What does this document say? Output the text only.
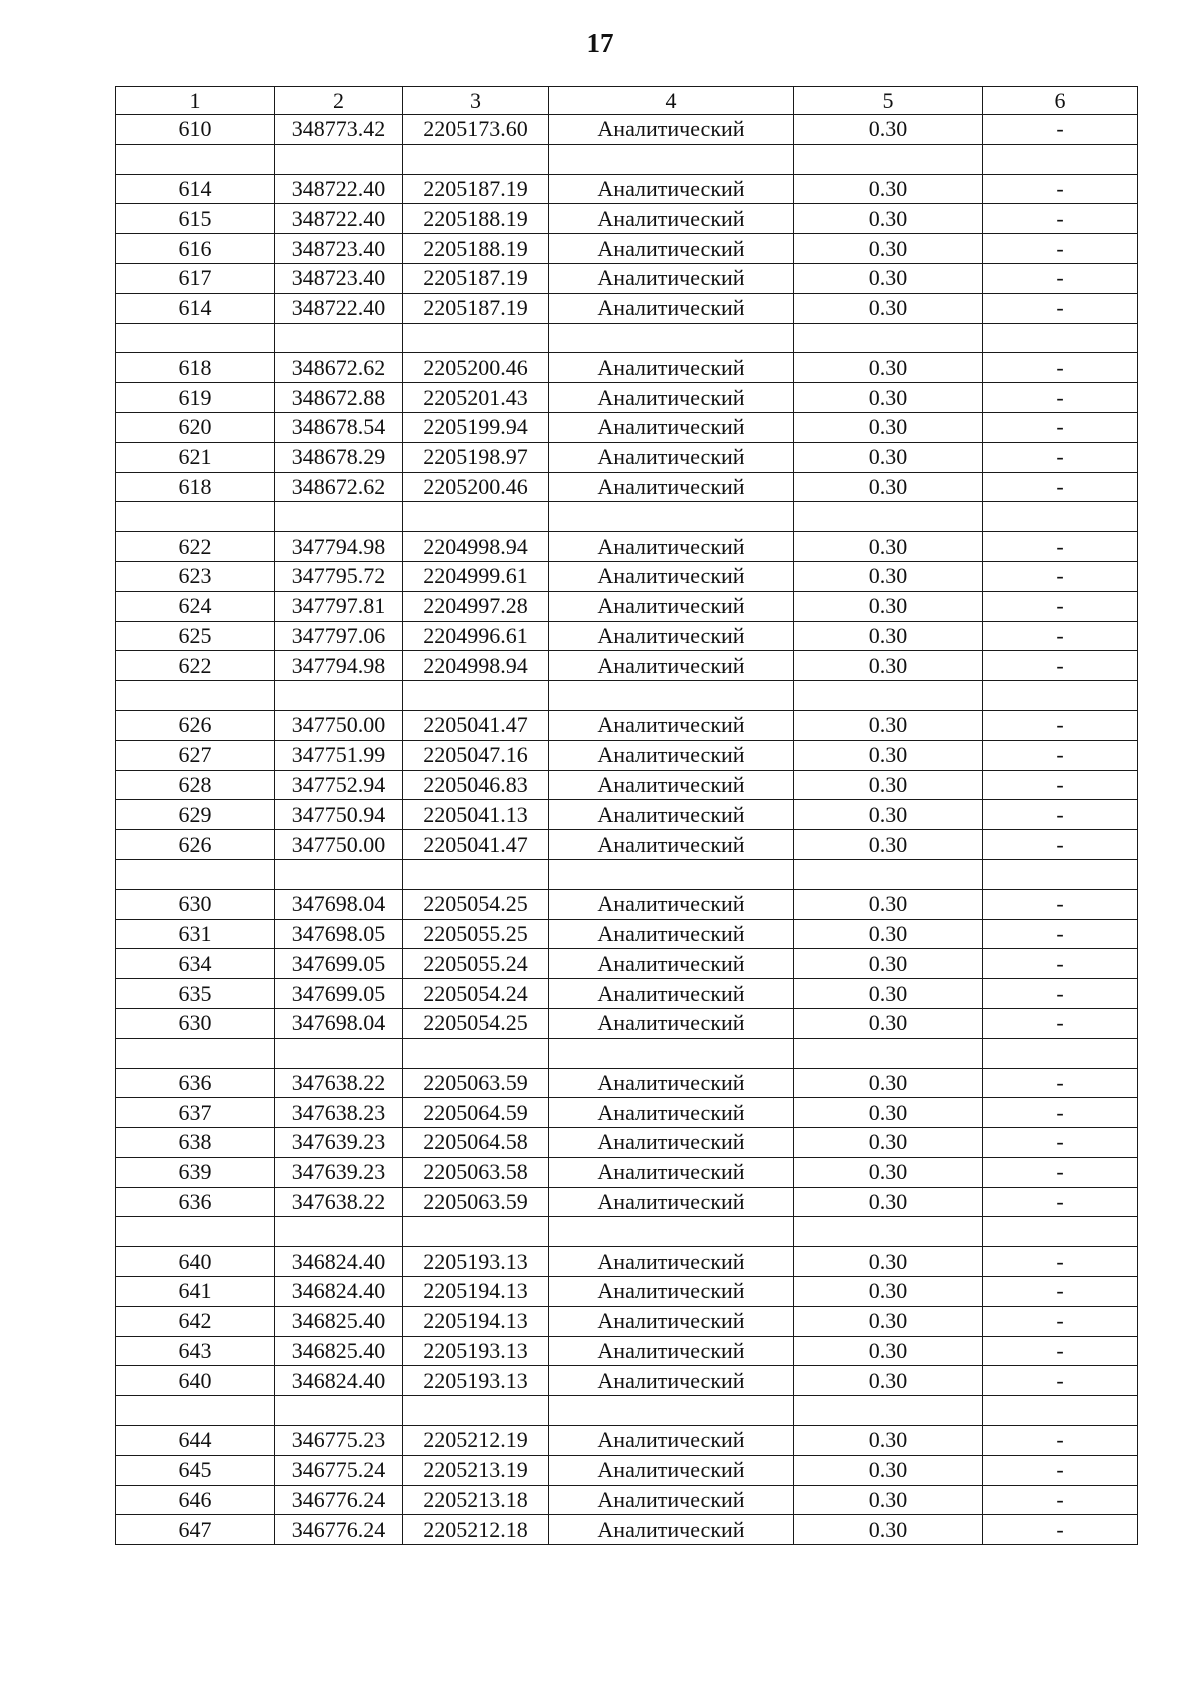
17
1	2	3	4	5	6
610	348773.42	2205173.60	Аналитический	0.30	-

614	348722.40	2205187.19	Аналитический	0.30	-
615	348722.40	2205188.19	Аналитический	0.30	-
616	348723.40	2205188.19	Аналитический	0.30	-
617	348723.40	2205187.19	Аналитический	0.30	-
614	348722.40	2205187.19	Аналитический	0.30	-

618	348672.62	2205200.46	Аналитический	0.30	-
619	348672.88	2205201.43	Аналитический	0.30	-
620	348678.54	2205199.94	Аналитический	0.30	-
621	348678.29	2205198.97	Аналитический	0.30	-
618	348672.62	2205200.46	Аналитический	0.30	-

622	347794.98	2204998.94	Аналитический	0.30	-
623	347795.72	2204999.61	Аналитический	0.30	-
624	347797.81	2204997.28	Аналитический	0.30	-
625	347797.06	2204996.61	Аналитический	0.30	-
622	347794.98	2204998.94	Аналитический	0.30	-

626	347750.00	2205041.47	Аналитический	0.30	-
627	347751.99	2205047.16	Аналитический	0.30	-
628	347752.94	2205046.83	Аналитический	0.30	-
629	347750.94	2205041.13	Аналитический	0.30	-
626	347750.00	2205041.47	Аналитический	0.30	-

630	347698.04	2205054.25	Аналитический	0.30	-
631	347698.05	2205055.25	Аналитический	0.30	-
634	347699.05	2205055.24	Аналитический	0.30	-
635	347699.05	2205054.24	Аналитический	0.30	-
630	347698.04	2205054.25	Аналитический	0.30	-

636	347638.22	2205063.59	Аналитический	0.30	-
637	347638.23	2205064.59	Аналитический	0.30	-
638	347639.23	2205064.58	Аналитический	0.30	-
639	347639.23	2205063.58	Аналитический	0.30	-
636	347638.22	2205063.59	Аналитический	0.30	-

640	346824.40	2205193.13	Аналитический	0.30	-
641	346824.40	2205194.13	Аналитический	0.30	-
642	346825.40	2205194.13	Аналитический	0.30	-
643	346825.40	2205193.13	Аналитический	0.30	-
640	346824.40	2205193.13	Аналитический	0.30	-

644	346775.23	2205212.19	Аналитический	0.30	-
645	346775.24	2205213.19	Аналитический	0.30	-
646	346776.24	2205213.18	Аналитический	0.30	-
647	346776.24	2205212.18	Аналитический	0.30	-
